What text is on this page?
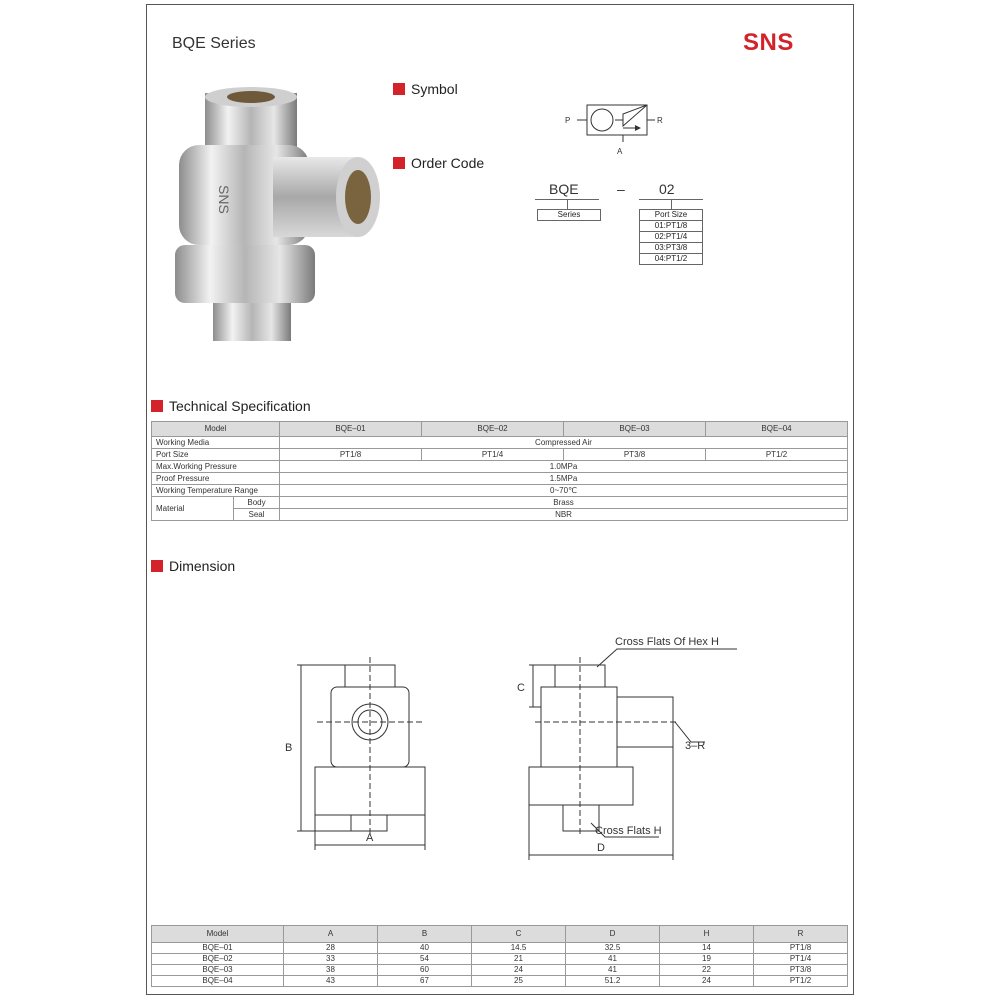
BQE Series	SNS
SNS
Symbol
P	R
A
Order Code
BQE	– 02
Series	Port Size
01:PT1/8
02:PT1/4
03:PT3/8
04:PT1/2
Technical Specification
Model		BQE–01	BQE–02	BQE–03	BQE–04
Working Media		Compressed Air			
Port Size		PT1/8	PT1/4	PT3/8	PT1/2
Max.Working Pressure		1.0MPa			
Proof Pressure		1.5MPa			
Working Temperature Range		0~70℃			
Material	Body	Brass			
	Seal	NBR			
Dimension
B
A
C
D
Cross Flats Of Hex H
3–R
Cross Flats H
Model	A	B	C	D	H	R
BQE–01	28	40	14.5	32.5	14	PT1/8
BQE–02	33	54	21	41	19	PT1/4
BQE–03	38	60	24	41	22	PT3/8
BQE–04	43	67	25	51.2	24	PT1/2
